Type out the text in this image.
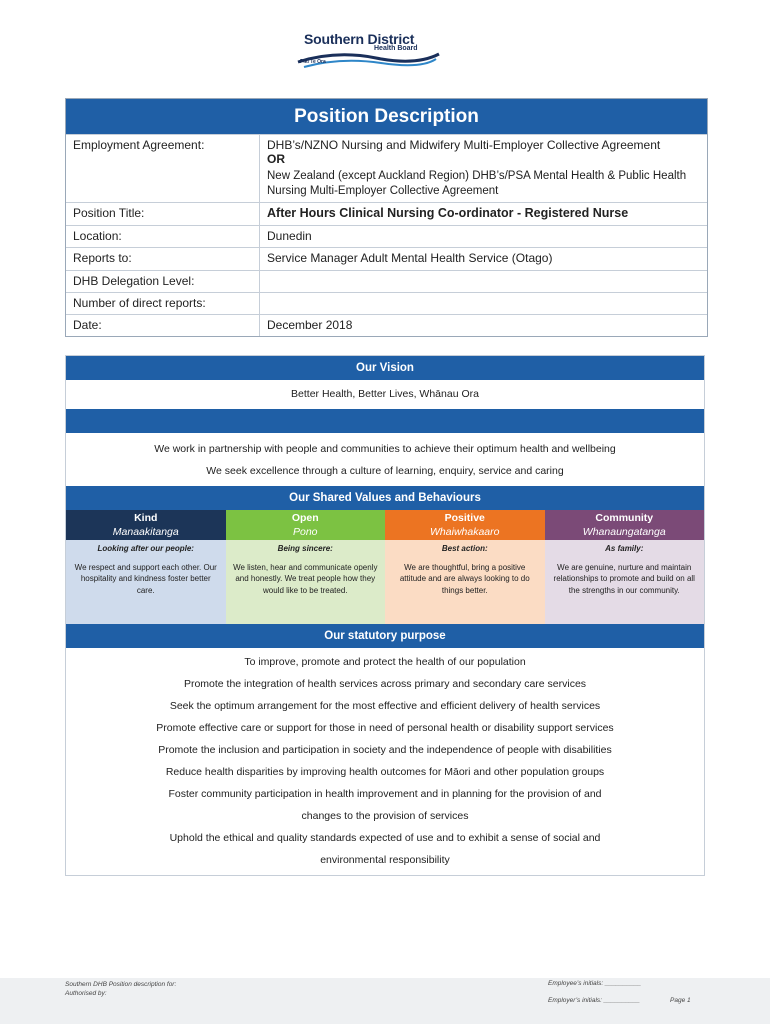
Southern District
Health Board
Piki Te Ora
Position Description
Employment Agreement:	DHB’s/NZNO Nursing and Midwifery Multi-Employer Collective Agreement
OR
New Zealand (except Auckland Region) DHB’s/PSA Mental Health & Public Health Nursing Multi-Employer Collective Agreement
Position Title:	After Hours Clinical Nursing Co-ordinator - Registered Nurse
Location:	Dunedin
Reports to:	Service Manager Adult Mental Health Service (Otago)
DHB Delegation Level:
Number of direct reports:
Date:	December 2018
Our Vision
Better Health, Better Lives, Whānau Ora
We work in partnership with people and communities to achieve their optimum health and wellbeing
We seek excellence through a culture of learning, enquiry, service and caring
Our Shared Values and Behaviours
Kind
Manaakitanga
Looking after our people:
We respect and support each other. Our hospitality and kindness foster better care.
Open
Pono
Being sincere:
We listen, hear and communicate openly and honestly. We treat people how they would like to be treated.
Positive
Whaiwhakaaro
Best action:
We are thoughtful, bring a positive attitude and are always looking to do things better.
Community
Whanaungatanga
As family:
We are genuine, nurture and maintain relationships to promote and build on all the strengths in our community.
Our statutory purpose
To improve, promote and protect the health of our population
Promote the integration of health services across primary and secondary care services
Seek the optimum arrangement for the most effective and efficient delivery of health services
Promote effective care or support for those in need of personal health or disability support services
Promote the inclusion and participation in society and the independence of people with disabilities
Reduce health disparities by improving health outcomes for Māori and other population groups
Foster community participation in health improvement and in planning for the provision of and
changes to the provision of services
Uphold the ethical and quality standards expected of use and to exhibit a sense of social and
environmental responsibility
Southern DHB Position description for:
Authorised by:
Employee’s initials: __________
Employer’s initials: __________	Page 1
